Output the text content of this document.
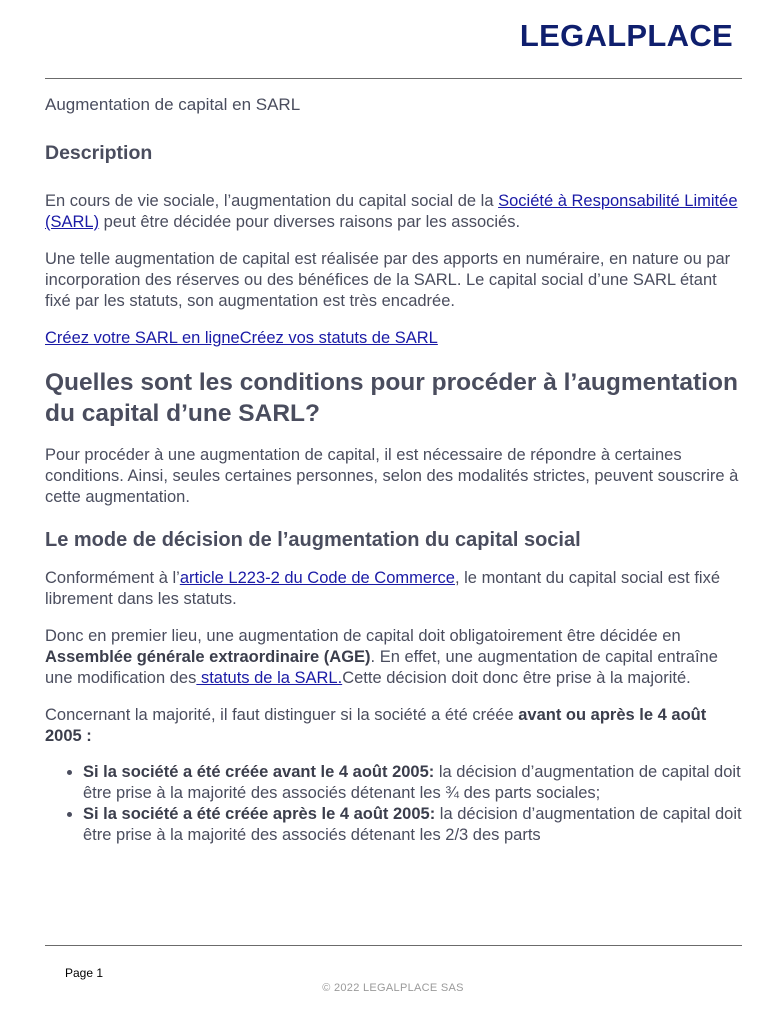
LEGALPLACE

Augmentation de capital en SARL

Description

En cours de vie sociale, l’augmentation du capital social de la Société à Responsabilité Limitée (SARL) peut être décidée pour diverses raisons par les associés.

Une telle augmentation de capital est réalisée par des apports en numéraire, en nature ou par incorporation des réserves ou des bénéfices de la SARL. Le capital social d’une SARL étant fixé par les statuts, son augmentation est très encadrée.

Créez votre SARL en ligneCréez vos statuts de SARL

Quelles sont les conditions pour procéder à l’augmentation du capital d’une SARL?

Pour procéder à une augmentation de capital, il est nécessaire de répondre à certaines conditions. Ainsi, seules certaines personnes, selon des modalités strictes, peuvent souscrire à cette augmentation.

Le mode de décision de l’augmentation du capital social

Conformément à l’article L223-2 du Code de Commerce, le montant du capital social est fixé librement dans les statuts.

Donc en premier lieu, une augmentation de capital doit obligatoirement être décidée en Assemblée générale extraordinaire (AGE). En effet, une augmentation de capital entraîne une modification des statuts de la SARL.Cette décision doit donc être prise à la majorité.

Concernant la majorité, il faut distinguer si la société a été créée avant ou après le 4 août 2005 :

Si la société a été créée avant le 4 août 2005: la décision d’augmentation de capital doit être prise à la majorité des associés détenant les ¾ des parts sociales;
Si la société a été créée après le 4 août 2005: la décision d’augmentation de capital doit être prise à la majorité des associés détenant les 2/3 des parts
Page 1
© 2022 LEGALPLACE SAS
